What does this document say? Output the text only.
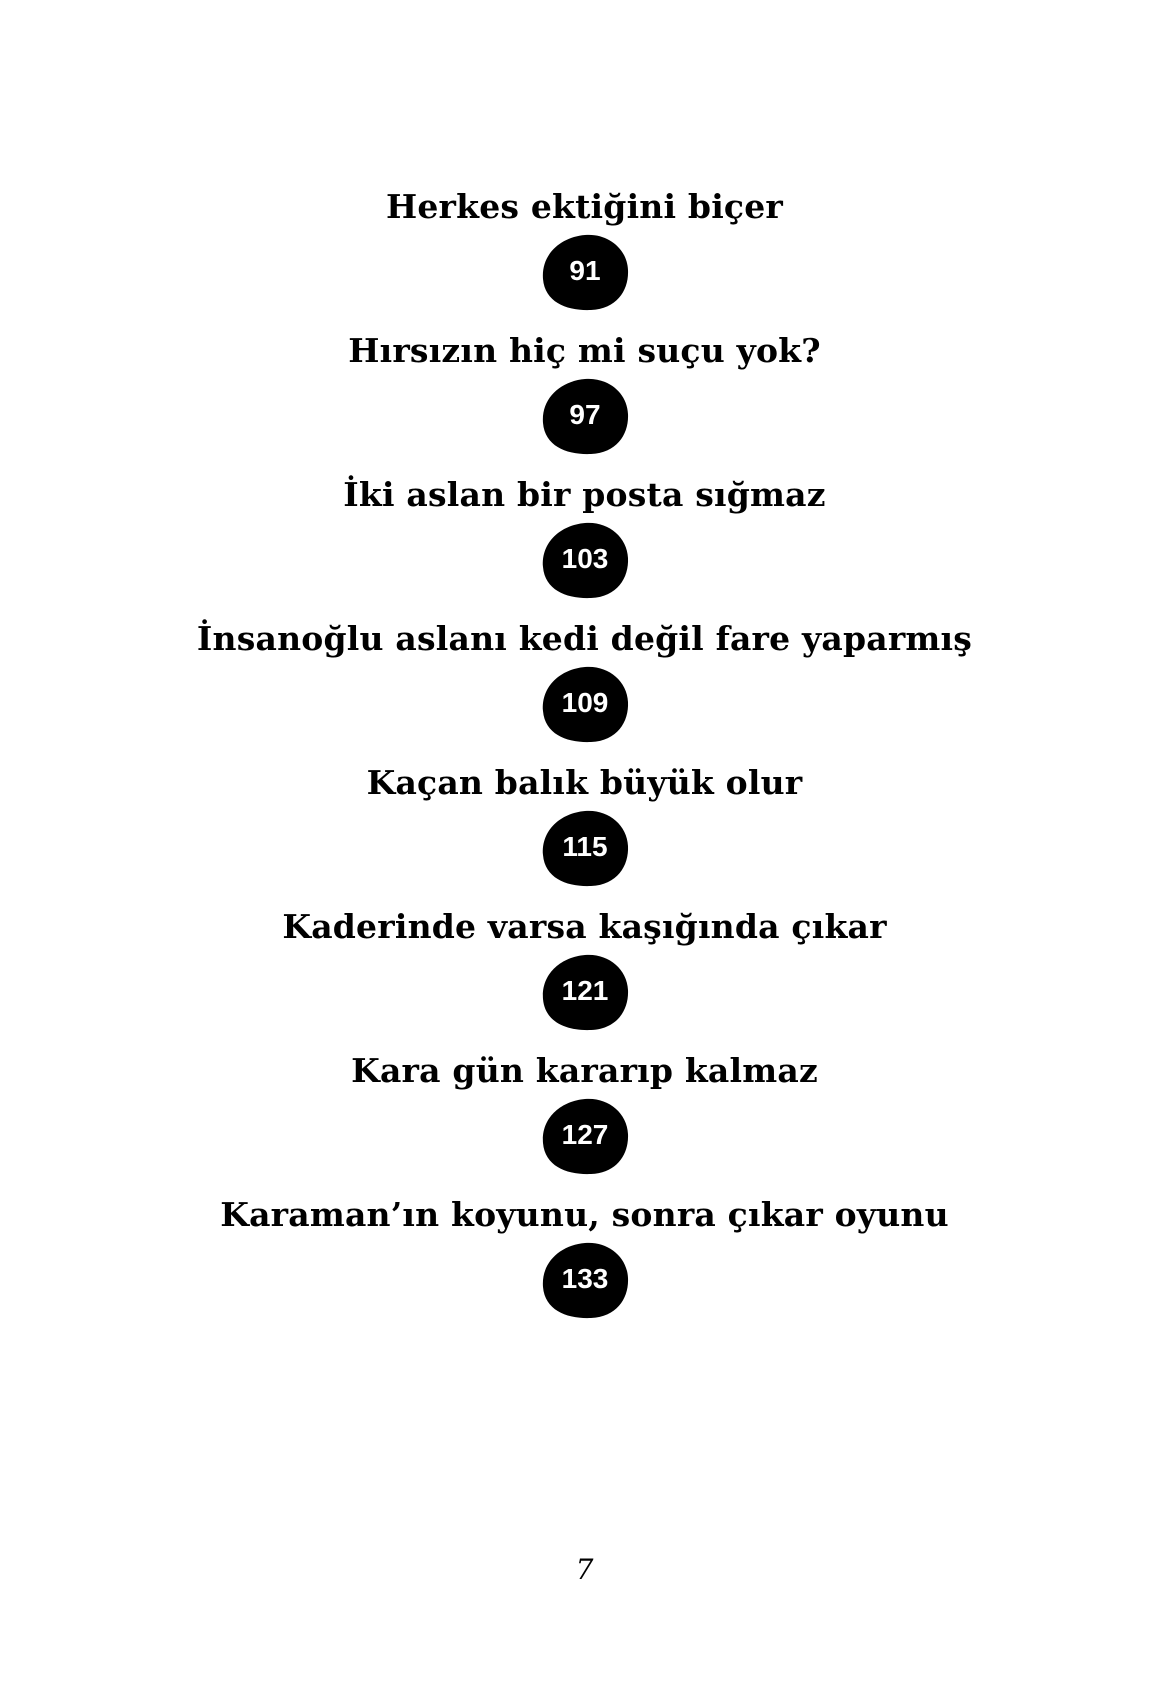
Herkes ektiğini biçer
91
Hırsızın hiç mi suçu yok?
97
İki aslan bir posta sığmaz
103
İnsanoğlu aslanı kedi değil fare yaparmış
109
Kaçan balık büyük olur
115
Kaderinde varsa kaşığında çıkar
121
Kara gün kararıp kalmaz
127
Karaman’ın koyunu, sonra çıkar oyunu
133
7
